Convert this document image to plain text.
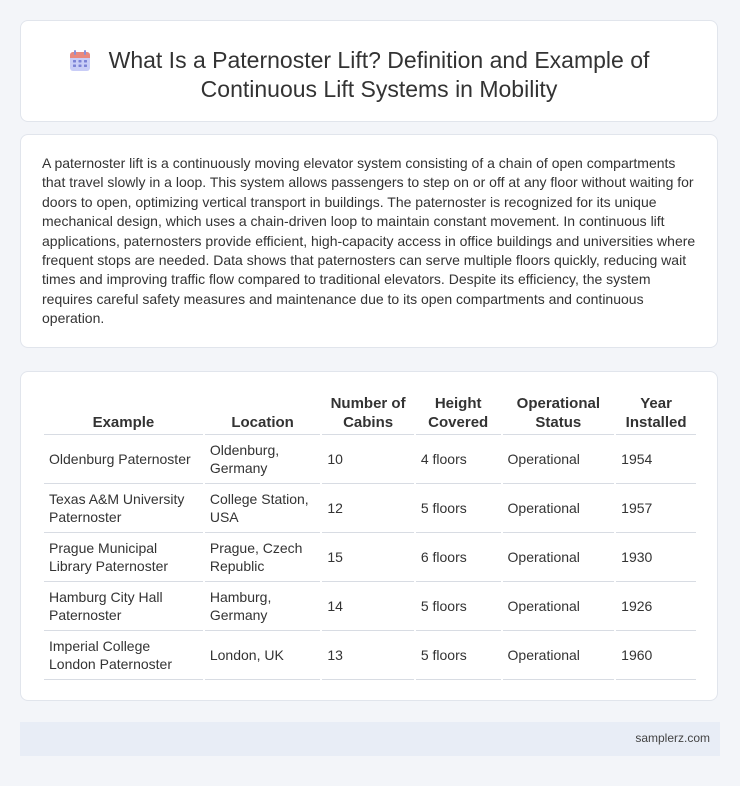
What Is a Paternoster Lift? Definition and Example of Continuous Lift Systems in Mobility

A paternoster lift is a continuously moving elevator system consisting of a chain of open compartments that travel slowly in a loop. This system allows passengers to step on or off at any floor without waiting for doors to open, optimizing vertical transport in buildings. The paternoster is recognized for its unique mechanical design, which uses a chain-driven loop to maintain constant movement. In continuous lift applications, paternosters provide efficient, high-capacity access in office buildings and universities where frequent stops are needed. Data shows that paternosters can serve multiple floors quickly, reducing wait times and improving traffic flow compared to traditional elevators. Despite its efficiency, the system requires careful safety measures and maintenance due to its open compartments and continuous operation.

Example	Location	Number of Cabins	Height Covered	Operational Status	Year Installed
Oldenburg Paternoster	Oldenburg, Germany	10	4 floors	Operational	1954
Texas A&M University Paternoster	College Station, USA	12	5 floors	Operational	1957
Prague Municipal Library Paternoster	Prague, Czech Republic	15	6 floors	Operational	1930
Hamburg City Hall Paternoster	Hamburg, Germany	14	5 floors	Operational	1926
Imperial College London Paternoster	London, UK	13	5 floors	Operational	1960
samplerz.com
